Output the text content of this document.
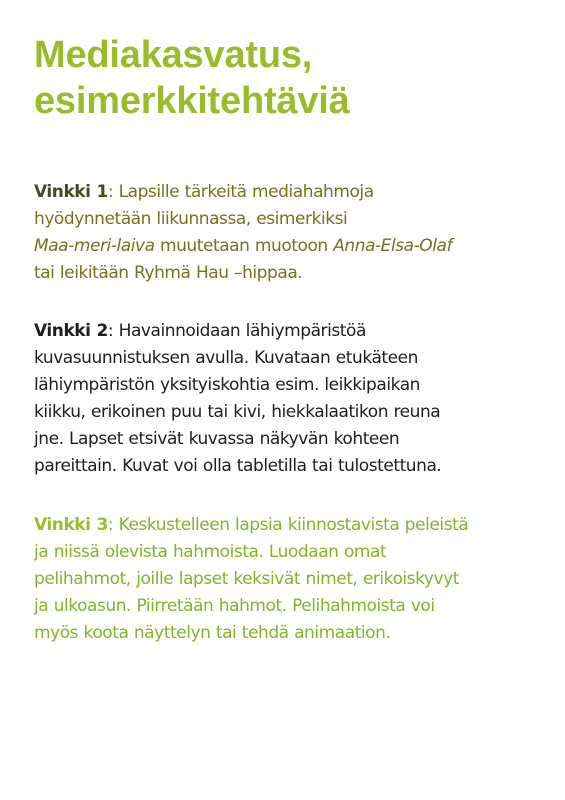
Mediakasvatus,
esimerkkitehtäviä

Vinkki 1: Lapsille tärkeitä mediahahmoja
hyödynnetään liikunnassa, esimerkiksi
Maa-meri-laiva muutetaan muotoon Anna-Elsa-Olaf
tai leikitään Ryhmä Hau –hippaa.

Vinkki 2: Havainnoidaan lähiympäristöä
kuvasuunnistuksen avulla. Kuvataan etukäteen
lähiympäristön yksityiskohtia esim. leikkipaikan
kiikku, erikoinen puu tai kivi, hiekkalaatikon reuna
jne. Lapset etsivät kuvassa näkyvän kohteen
pareittain. Kuvat voi olla tabletilla tai tulostettuna.

Vinkki 3: Keskustelleen lapsia kiinnostavista peleistä
ja niissä olevista hahmoista. Luodaan omat
pelihahmot, joille lapset keksivät nimet, erikoiskyvyt
ja ulkoasun. Piirretään hahmot. Pelihahmoista voi
myös koota näyttelyn tai tehdä animaation.
